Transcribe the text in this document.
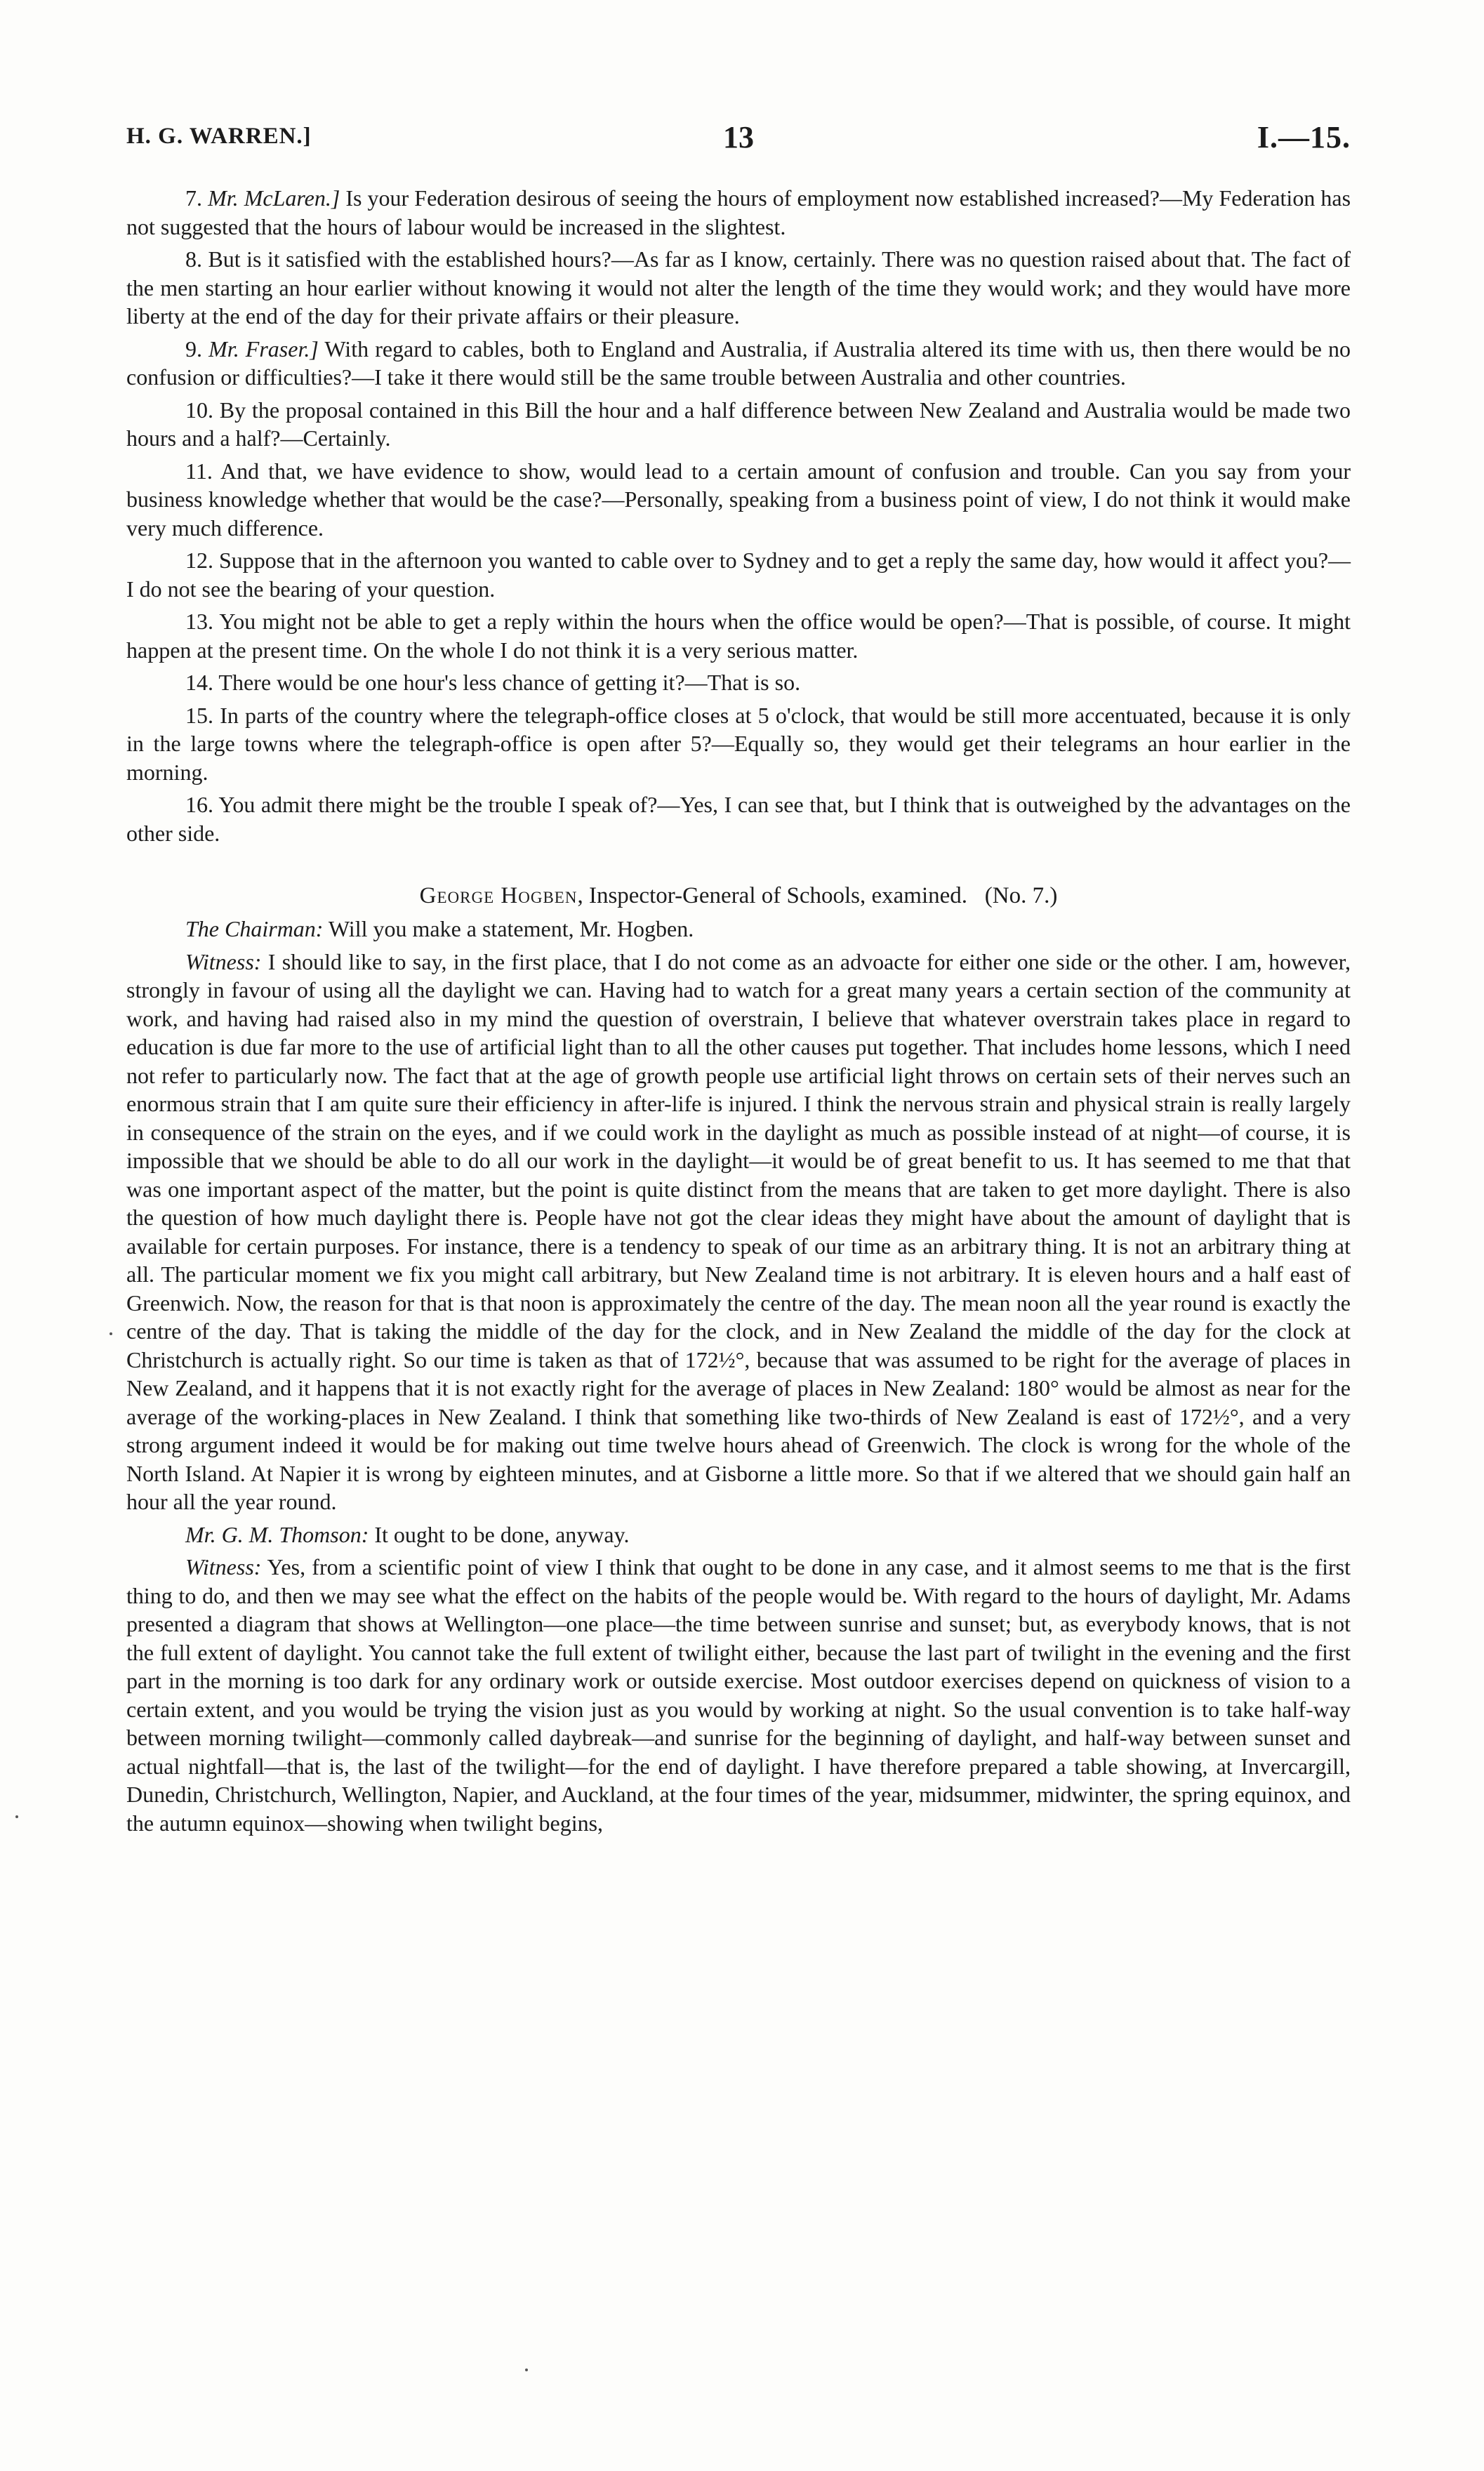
H. G. WARREN.]	13	I.—15.

7. Mr. McLaren.] Is your Federation desirous of seeing the hours of employment now established increased?—My Federation has not suggested that the hours of labour would be increased in the slightest.

8. But is it satisfied with the established hours?—As far as I know, certainly. There was no question raised about that. The fact of the men starting an hour earlier without knowing it would not alter the length of the time they would work; and they would have more liberty at the end of the day for their private affairs or their pleasure.

9. Mr. Fraser.] With regard to cables, both to England and Australia, if Australia altered its time with us, then there would be no confusion or difficulties?—I take it there would still be the same trouble between Australia and other countries.

10. By the proposal contained in this Bill the hour and a half difference between New Zealand and Australia would be made two hours and a half?—Certainly.

11. And that, we have evidence to show, would lead to a certain amount of confusion and trouble. Can you say from your business knowledge whether that would be the case?—Personally, speaking from a business point of view, I do not think it would make very much difference.

12. Suppose that in the afternoon you wanted to cable over to Sydney and to get a reply the same day, how would it affect you?—I do not see the bearing of your question.

13. You might not be able to get a reply within the hours when the office would be open?—That is possible, of course. It might happen at the present time. On the whole I do not think it is a very serious matter.

14. There would be one hour's less chance of getting it?—That is so.

15. In parts of the country where the telegraph-office closes at 5 o'clock, that would be still more accentuated, because it is only in the large towns where the telegraph-office is open after 5?—Equally so, they would get their telegrams an hour earlier in the morning.

16. You admit there might be the trouble I speak of?—Yes, I can see that, but I think that is outweighed by the advantages on the other side.

George Hogben, Inspector-General of Schools, examined. (No. 7.)

The Chairman: Will you make a statement, Mr. Hogben.

Witness: I should like to say, in the first place, that I do not come as an advoacte for either one side or the other. I am, however, strongly in favour of using all the daylight we can. Having had to watch for a great many years a certain section of the community at work, and having had raised also in my mind the question of overstrain, I believe that whatever overstrain takes place in regard to education is due far more to the use of artificial light than to all the other causes put together. That includes home lessons, which I need not refer to particularly now. The fact that at the age of growth people use artificial light throws on certain sets of their nerves such an enormous strain that I am quite sure their efficiency in after-life is injured. I think the nervous strain and physical strain is really largely in consequence of the strain on the eyes, and if we could work in the daylight as much as possible instead of at night—of course, it is impossible that we should be able to do all our work in the daylight—it would be of great benefit to us. It has seemed to me that that was one important aspect of the matter, but the point is quite distinct from the means that are taken to get more daylight. There is also the question of how much daylight there is. People have not got the clear ideas they might have about the amount of daylight that is available for certain purposes. For instance, there is a tendency to speak of our time as an arbitrary thing. It is not an arbitrary thing at all. The particular moment we fix you might call arbitrary, but New Zealand time is not arbitrary. It is eleven hours and a half east of Greenwich. Now, the reason for that is that noon is approximately the centre of the day. The mean noon all the year round is exactly the centre of the day. That is taking the middle of the day for the clock, and in New Zealand the middle of the day for the clock at Christchurch is actually right. So our time is taken as that of 172½°, because that was assumed to be right for the average of places in New Zealand, and it happens that it is not exactly right for the average of places in New Zealand: 180° would be almost as near for the average of the working-places in New Zealand. I think that something like two-thirds of New Zealand is east of 172½°, and a very strong argument indeed it would be for making out time twelve hours ahead of Greenwich. The clock is wrong for the whole of the North Island. At Napier it is wrong by eighteen minutes, and at Gisborne a little more. So that if we altered that we should gain half an hour all the year round.

Mr. G. M. Thomson: It ought to be done, anyway.

Witness: Yes, from a scientific point of view I think that ought to be done in any case, and it almost seems to me that is the first thing to do, and then we may see what the effect on the habits of the people would be. With regard to the hours of daylight, Mr. Adams presented a diagram that shows at Wellington—one place—the time between sunrise and sunset; but, as everybody knows, that is not the full extent of daylight. You cannot take the full extent of twilight either, because the last part of twilight in the evening and the first part in the morning is too dark for any ordinary work or outside exercise. Most outdoor exercises depend on quickness of vision to a certain extent, and you would be trying the vision just as you would by working at night. So the usual convention is to take half-way between morning twilight—commonly called daybreak—and sunrise for the beginning of daylight, and half-way between sunset and actual nightfall—that is, the last of the twilight—for the end of daylight. I have therefore prepared a table showing, at Invercargill, Dunedin, Christchurch, Wellington, Napier, and Auckland, at the four times of the year, midsummer, midwinter, the spring equinox, and the autumn equinox—showing when twilight begins,
